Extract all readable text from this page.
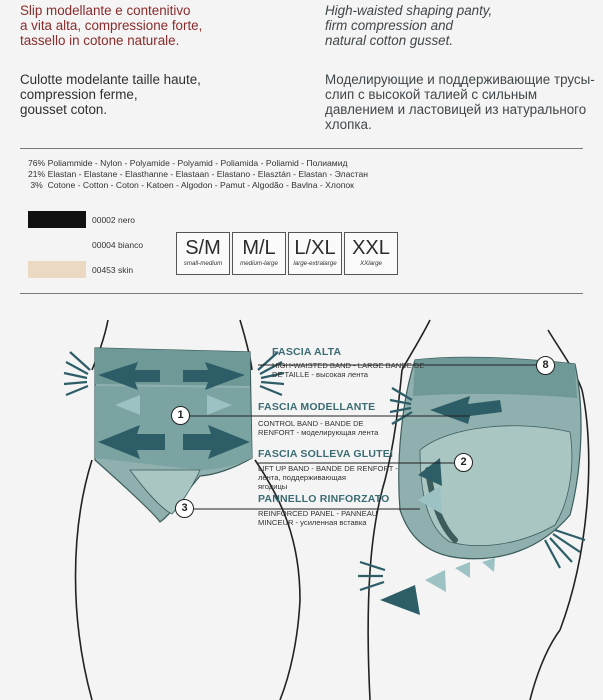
Slip modellante e contenitivo
a vita alta, compressione forte,
tassello in cotone naturale.
Culotte modelante taille haute,
compression ferme,
gousset coton.
High-waisted shaping panty,
firm compression and
natural cotton gusset.
Моделирующие и поддерживающие трусы-
слип с высокой талией с сильным
давлением и ластовицей из натурального
хлопка.
76% Poliammide - Nylon - Polyamide - Polyamid - Poliamida - Poliamid - Полиамид
21% Elastan - Elastane - Elasthanne - Elastaan - Elastano - Elasztán - Elastan - Эластан
3%  Cotone - Cotton - Coton - Katoen - Algodon - Pamut - Algodão - Bavlna - Хлопок
00002 nero
00004 bianco
00453 skin
S/M
small-medium
M/L
medium-large
L/XL
large-extralarge
XXL
XXlarge
FASCIA ALTA
HIGH-WAISTED BAND - LARGE BANDE DE
DE TAILLE - высокая лента
8
FASCIA MODELLANTE
CONTROL BAND - BANDE DE
RENFORT - моделирующая лента
1
FASCIA SOLLEVA GLUTEI
LIFT UP BAND - BANDE DE RENFORT -
лента, поддерживающая
ягодицы
2
PANNELLO RINFORZATO
REINFORCED PANEL - PANNEAU
MINCEUR - усиленная вставка
3
